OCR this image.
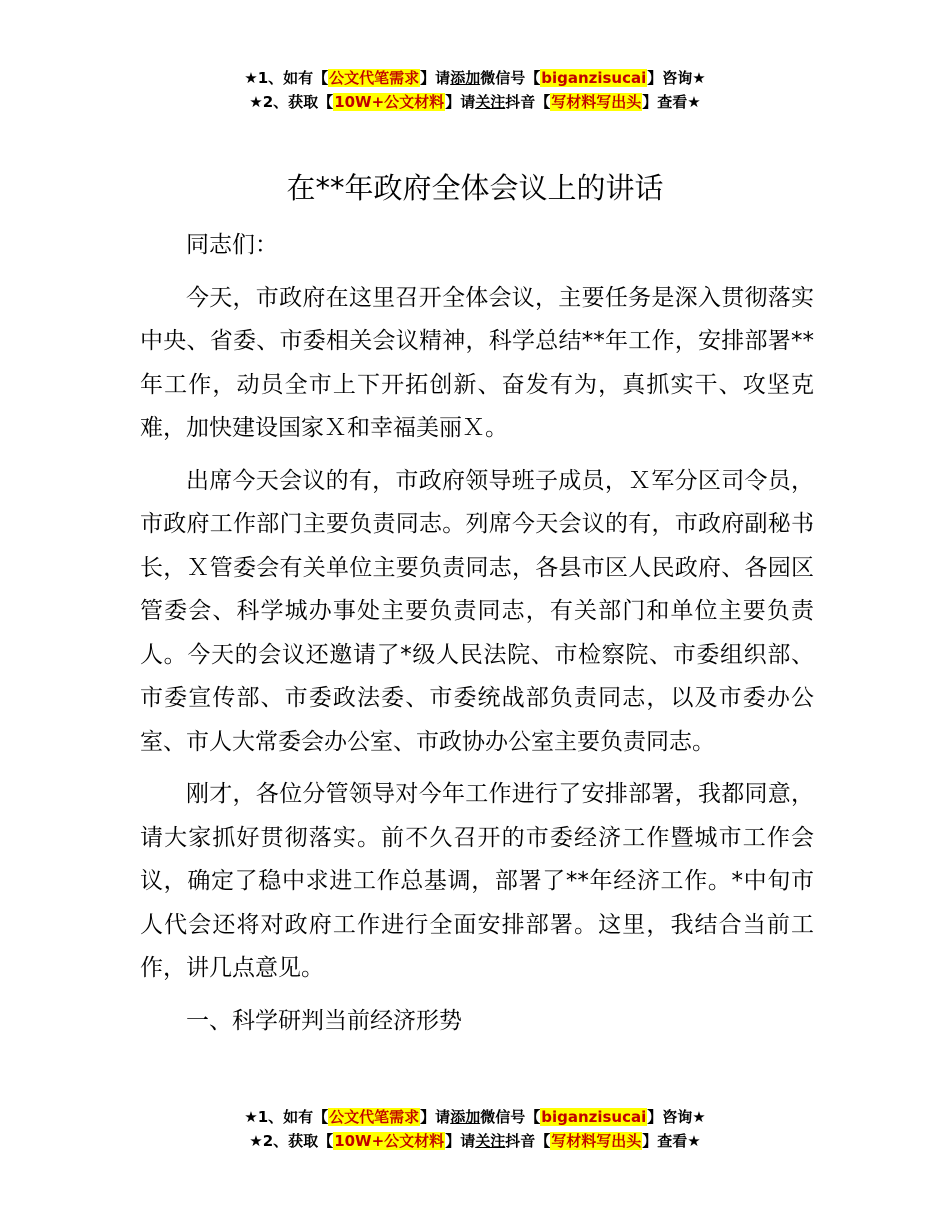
★1、如有【公文代笔需求】请添加微信号【biganzisucai】咨询★
★2、获取【10W+公文材料】请关注抖音【写材料写出头】查看★
在**年政府全体会议上的讲话

同志们：

今天，市政府在这里召开全体会议，主要任务是深入贯彻落实中央、省委、市委相关会议精神，科学总结**年工作，安排部署**年工作，动员全市上下开拓创新、奋发有为，真抓实干、攻坚克难，加快建设国家Ｘ和幸福美丽Ｘ。

出席今天会议的有，市政府领导班子成员，Ｘ军分区司令员，市政府工作部门主要负责同志。列席今天会议的有，市政府副秘书长，Ｘ管委会有关单位主要负责同志，各县市区人民政府、各园区管委会、科学城办事处主要负责同志，有关部门和单位主要负责人。今天的会议还邀请了*级人民法院、市检察院、市委组织部、市委宣传部、市委政法委、市委统战部负责同志，以及市委办公室、市人大常委会办公室、市政协办公室主要负责同志。

刚才，各位分管领导对今年工作进行了安排部署，我都同意，请大家抓好贯彻落实。前不久召开的市委经济工作暨城市工作会议，确定了稳中求进工作总基调，部署了**年经济工作。*中旬市人代会还将对政府工作进行全面安排部署。这里，我结合当前工作，讲几点意见。

一、科学研判当前经济形势

★1、如有【公文代笔需求】请添加微信号【biganzisucai】咨询★
★2、获取【10W+公文材料】请关注抖音【写材料写出头】查看★
